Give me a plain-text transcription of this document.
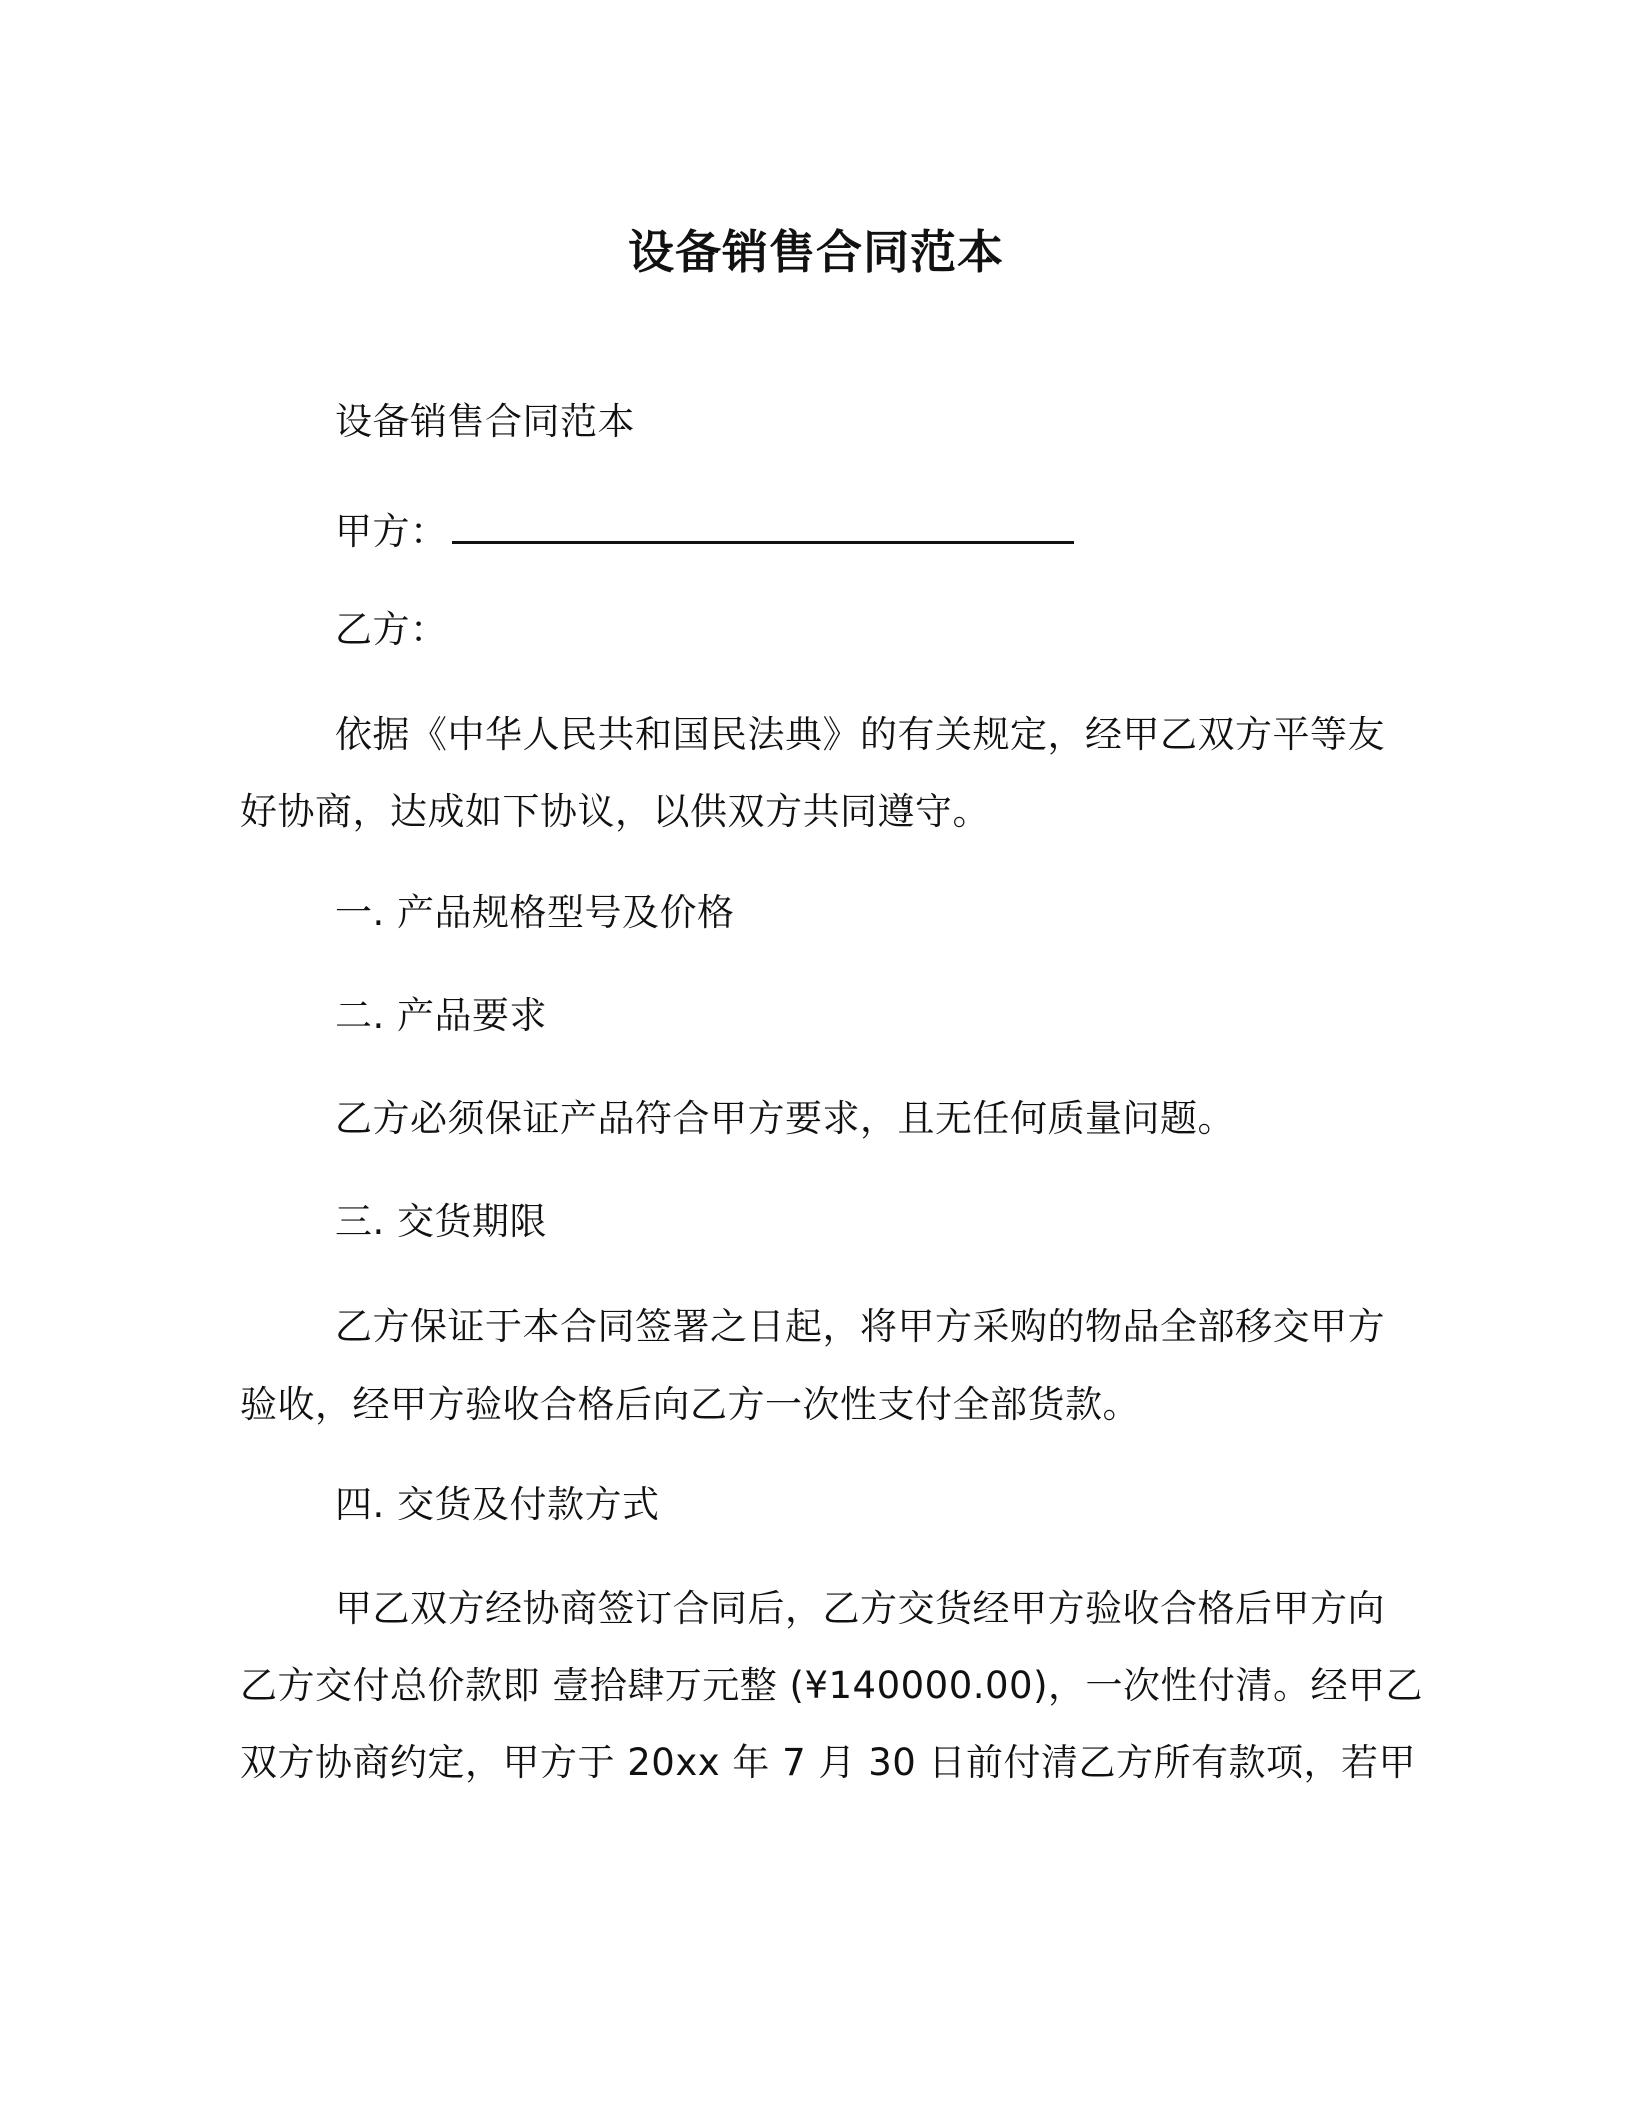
设备销售合同范本
设备销售合同范本
甲方：
乙方：
依据《中华人民共和国民法典》的有关规定，经甲乙双方平等友
好协商，达成如下协议，以供双方共同遵守。
一. 产品规格型号及价格
二. 产品要求
乙方必须保证产品符合甲方要求，且无任何质量问题。
三. 交货期限
乙方保证于本合同签署之日起，将甲方采购的物品全部移交甲方
验收，经甲方验收合格后向乙方一次性支付全部货款。
四. 交货及付款方式
甲乙双方经协商签订合同后，乙方交货经甲方验收合格后甲方向
乙方交付总价款即 壹拾肆万元整 (¥140000.00)，一次性付清。经甲乙
双方协商约定，甲方于 20xx 年 7 月 30 日前付清乙方所有款项，若甲
